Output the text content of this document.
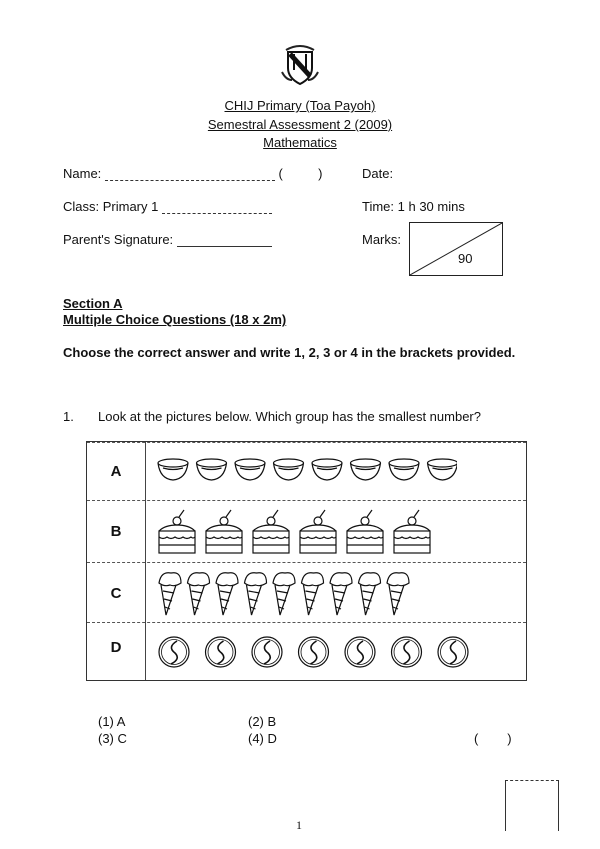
CHIJ Primary (Toa Payoh)
Semestral Assessment 2 (2009)
Mathematics
Name:	(	)	Date:
Class: Primary 1	Time: 1 h 30 mins
Parent's Signature:	Marks:
90
Section A
Multiple Choice Questions (18 x 2m)
Choose the correct answer and write 1, 2, 3 or 4 in the brackets provided.
1. Look at the pictures below. Which group has the smallest number?
A
B
C
D
(1) A	(2) B
(3) C	(4) D	(        )
1
